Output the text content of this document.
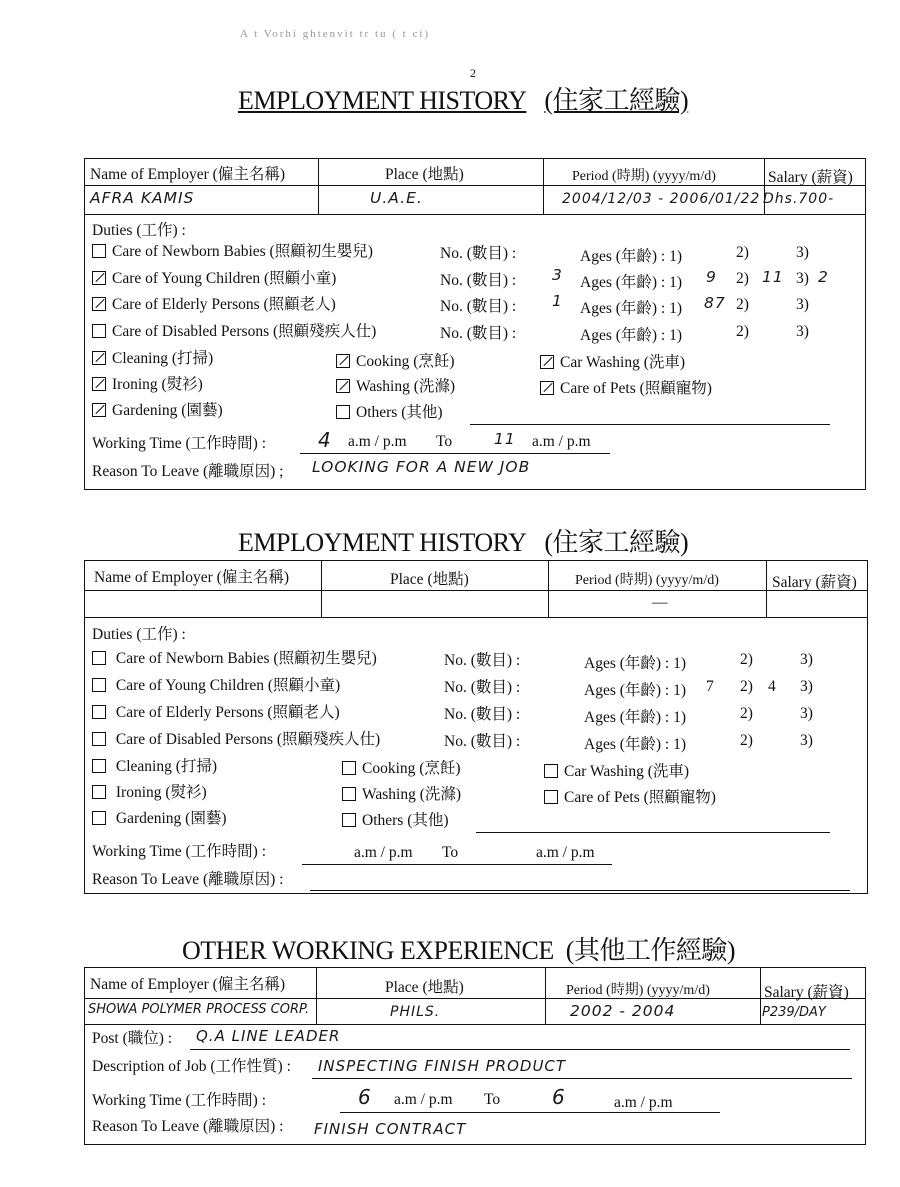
A t Vorhi ghtenvit tr tu ( t ci)
2
EMPLOYMENT HISTORY (住家工經驗)
Name of Employer (僱主名稱)	Place (地點)	Period (時期) (yyyy/m/d)	Salary (薪資)
AFRA KAMIS	U.A.E.	2004/12/03 - 2006/01/22 Dhs.700-
Duties (工作) :
Care of Newborn Babies (照顧初生嬰兒)	No. (數目) :	Ages (年齡) : 1)	2)	3)
Care of Young Children (照顧小童)	No. (數目) : 3 Ages (年齡) : 1) 9 2) 11 3) 2
Care of Elderly Persons (照顧老人)	No. (數目) : 1 Ages (年齡) : 1) 87 2)	3)
Care of Disabled Persons (照顧殘疾人仕)	No. (數目) :	Ages (年齡) : 1)	2)	3)
Cleaning (打掃)	Cooking (烹飪)	Car Washing (洗車)
Ironing (熨衫)	Washing (洗滌)	Care of Pets (照顧寵物)
Gardening (園藝)	Others (其他)
Working Time (工作時間) :	4 a.m / p.m To	11 a.m / p.m
Reason To Leave (離職原因) ; LOOKING FOR A NEW JOB
EMPLOYMENT HISTORY (住家工經驗)
Name of Employer (僱主名稱)	Place (地點)	Period (時期) (yyyy/m/d)	Salary (薪資)
—
Duties (工作) :
Care of Newborn Babies (照顧初生嬰兒)	No. (數目) :	Ages (年齡) : 1)	2)	3)
Care of Young Children (照顧小童)	No. (數目) :	Ages (年齡) : 1) 7 2) 4 3)
Care of Elderly Persons (照顧老人)	No. (數目) :	Ages (年齡) : 1)	2)	3)
Care of Disabled Persons (照顧殘疾人仕)	No. (數目) :	Ages (年齡) : 1)	2)	3)
Cleaning (打掃)	Cooking (烹飪)	Car Washing (洗車)
Ironing (熨衫)	Washing (洗滌)	Care of Pets (照顧寵物)
Gardening (園藝)	Others (其他)
Working Time (工作時間) :	a.m / p.m To	a.m / p.m
Reason To Leave (離職原因) :
OTHER WORKING EXPERIENCE (其他工作經驗)
Name of Employer (僱主名稱)	Place (地點)	Period (時期) (yyyy/m/d)	Salary (薪資)
SHOWA POLYMER PROCESS CORP.	PHILS.	2002 - 2004	P239/DAY
Post (職位) : Q.A LINE LEADER
Description of Job (工作性質) : INSPECTING FINISH PRODUCT
Working Time (工作時間) :	6 a.m / p.m To	6	a.m / p.m
Reason To Leave (離職原因) : FINISH CONTRACT
